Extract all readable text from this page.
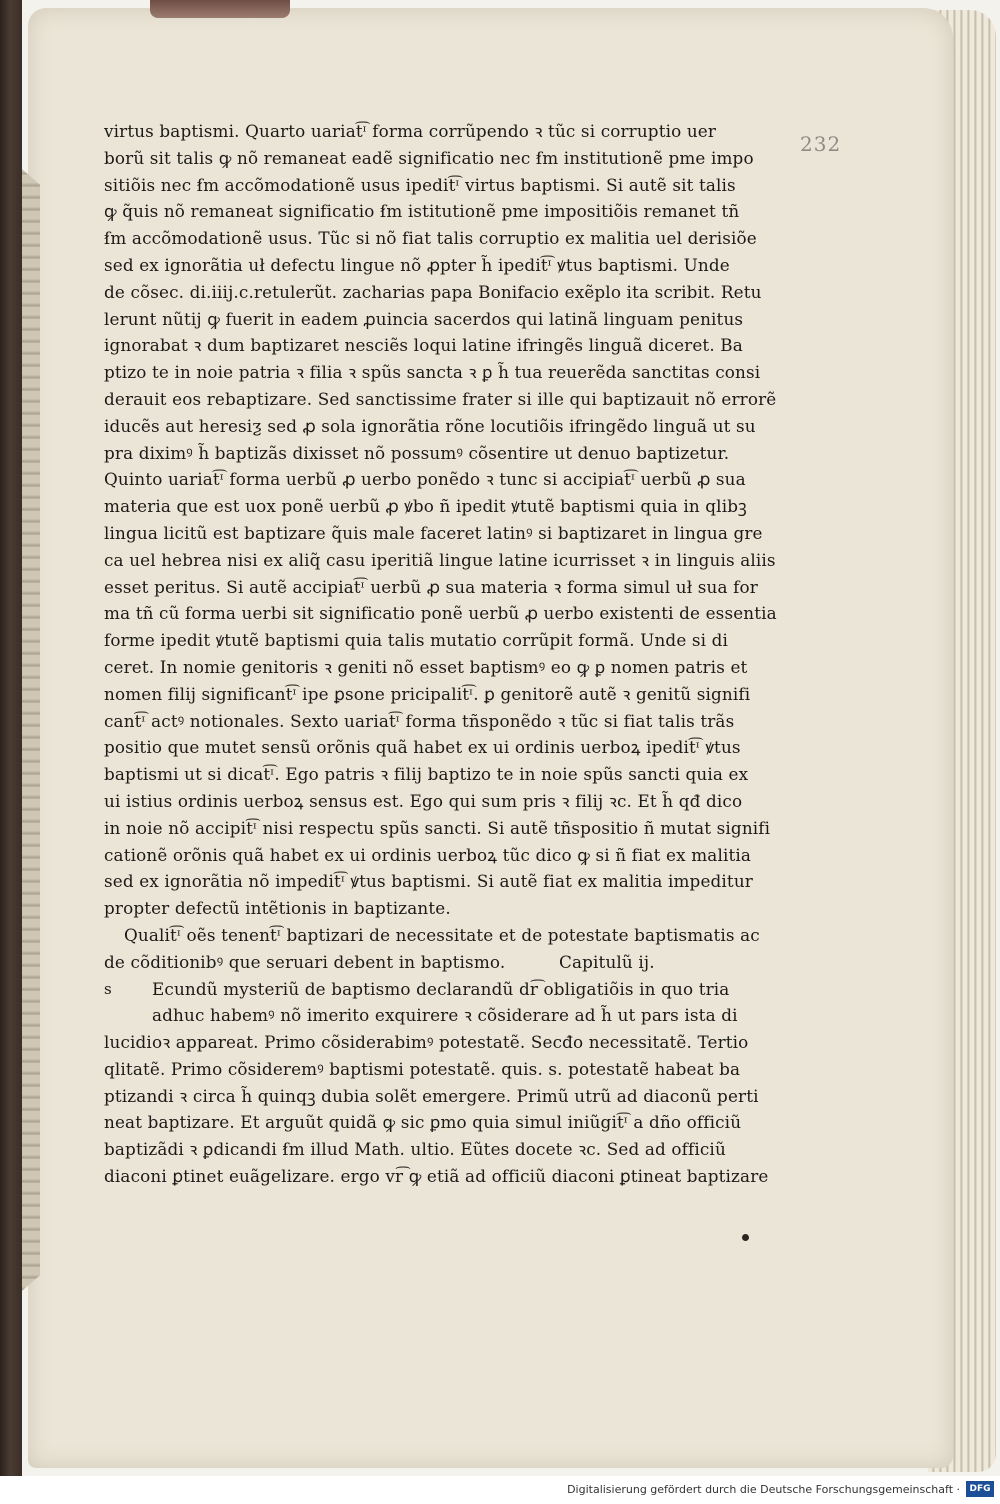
232
virtus baptismi. Quarto uariat͡ᶦ forma corrũpendo ꝛ tũc si corruptio uer
borũ sit talis ꝙ nõ remaneat eadẽ significatio nec ẜm institutionẽ pme impo
sitiõis nec ẜm accõmodationẽ usus ipedit͡ᶦ virtus baptismi. Si autẽ sit talis
ꝙ q̃uis nõ remaneat significatio ẜm istitutionẽ pme impositiõis remanet tñ
ẜm accõmodationẽ usus. Tũc si nõ fiat talis corruptio ex malitia uel derisiõe
sed ex ignorãtia uł defectu lingue nõ ꝓpter h̃ ipedit͡ᶦ ꝟtus baptismi. Unde
de cõsec. di.iiij.c.retulerũt. zacharias papa Bonifacio exẽplo ita scribit. Retu
lerunt nũtij ꝙ fuerit in eadem ꝓuincia sacerdos qui latinã linguam penitus
ignorabat ꝛ dum baptizaret nesciẽs loqui latine ifringẽs linguã diceret. Ba
ptizo te in noie patria ꝛ filia ꝛ spũs sancta ꝛ ꝑ h̃ tua reuerẽda sanctitas consi
derauit eos rebaptizare. Sed sanctissime frater si ille qui baptizauit nõ errorẽ
iducẽs aut heresiƺ sed ꝓ sola ignorãtia rõne locutiõis ifringẽdo linguã ut su
pra diximꝰ h̃ baptizãs dixisset nõ possumꝰ cõsentire ut denuo baptizetur.
Quinto uariat͡ᶦ forma uerbũ ꝓ uerbo ponẽdo ꝛ tunc si accipiat͡ᶦ uerbũ ꝓ sua
materia que est uox ponẽ uerbũ ꝓ ꝟbo ñ ipedit ꝟtutẽ baptismi quia in qlibꝫ
lingua licitũ est baptizare q̃uis male faceret latinꝰ si baptizaret in lingua gre
ca uel hebrea nisi ex aliq̃ casu iperitiã lingue latine icurrisset ꝛ in linguis aliis
esset peritus. Si autẽ accipiat͡ᶦ uerbũ ꝓ sua materia ꝛ forma simul uł sua for
ma tñ cũ forma uerbi sit significatio ponẽ uerbũ ꝓ uerbo existenti de essentia
forme ipedit ꝟtutẽ baptismi quia talis mutatio corrũpit formã. Unde si di
ceret. In nomie genitoris ꝛ geniti nõ esset baptismꝰ eo ꝙ ꝑ nomen patris et
nomen filij significant͡ᶦ ipe ꝑsone pricipalit͡ᶦ. ꝑ genitorẽ autẽ ꝛ genitũ signifi
cant͡ᶦ actꝰ notionales. Sexto uariat͡ᶦ forma tñsponẽdo ꝛ tũc si fiat talis trãs
positio que mutet sensũ orõnis quã habet ex ui ordinis uerboꝝ ipedit͡ᶦ ꝟtus
baptismi ut si dicat͡ᶦ. Ego patris ꝛ filij baptizo te in noie spũs sancti quia ex
ui istius ordinis uerboꝝ sensus est. Ego qui sum pris ꝛ filij ꝛc. Et h̃ qđ dico
in noie nõ accipit͡ᶦ nisi respectu spũs sancti. Si autẽ tñspositio ñ mutat signifi
cationẽ orõnis quã habet ex ui ordinis uerboꝝ tũc dico ꝙ si ñ fiat ex malitia
sed ex ignorãtia nõ impedit͡ᶦ ꝟtus baptismi. Si autẽ fiat ex malitia impeditur
propter defectũ intẽtionis in baptizante.
Qualit͡ᶦ oẽs tenent͡ᶦ baptizari de necessitate et de potestate baptismatis ac
de cõditionibꝰ que seruari debent in baptismo.	Capitulũ ij.
s	Ecundũ mysteriũ de baptismo declarandũ dr͡ obligatiõis in quo tria
adhuc habemꝰ nõ imerito exquirere ꝛ cõsiderare ad h̃ ut pars ista di
lucidioꝛ appareat. Primo cõsiderabimꝰ potestatẽ. Secđo necessitatẽ. Tertio
qlitatẽ. Primo cõsideremꝰ baptismi potestatẽ. quis. s. potestatẽ habeat ba
ptizandi ꝛ circa h̃ quinqꝫ dubia solẽt emergere. Primũ utrũ ad diaconũ perti
neat baptizare. Et arguũt quidã ꝙ sic ꝑmo quia simul iniũgit͡ᶦ a dño officiũ
baptizãdi ꝛ ꝑdicandi ẜm illud Math. ultio. Eũtes docete ꝛc. Sed ad officiũ
diaconi ꝑtinet euãgelizare. ergo vr͡ ꝙ etiã ad officiũ diaconi ꝑtineat baptizare
Digitalisierung gefördert durch die Deutsche Forschungsgemeinschaft ·	DFG
